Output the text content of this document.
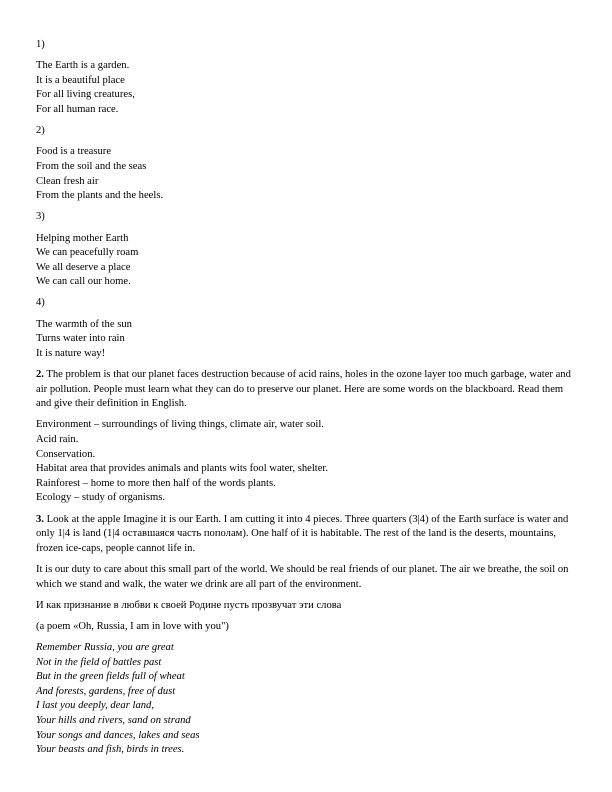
1)
The Earth is a garden.
It is a beautiful place
For all living creatures,
For all human race.
2)
Food is a treasure
From the soil and the seas
Clean fresh air
From the plants and the heels.
3)
Helping mother Earth
We can peacefully roam
We all deserve a place
We can call our home.
4)
The warmth of the sun
Turns water into rain
It is nature way!
2. The problem is that our planet faces destruction because of acid rains, holes in the ozone layer too much garbage, water and air pollution. People must learn what they can do to preserve our planet. Here are some words on the blackboard. Read them and give their definition in English.
Environment – surroundings of living things, climate air, water soil.
Acid rain.
Conservation.
Habitat area that provides animals and plants wits fool water, shelter.
Rainforest – home to more then half of the words plants.
Ecology – study of organisms.
3. Look at the apple Imagine it is our Earth. I am cutting it into 4 pieces. Three quarters (3|4) of the Earth surface is water and only 1|4 is land (1|4 оставшаяся часть пополам). One half of it is habitable. The rest of the land is the deserts, mountains, frozen ice-caps, people cannot life in.
It is our duty to care about this small part of the world. We should be real friends of our planet. The air we breathe, the soil on which we stand and walk, the water we drink are all part of the environment.
И как признание в любви к своей Родине пусть прозвучат эти слова
(a poem «Oh, Russia, I am in love with you")
Remember Russia, you are great
Not in the field of battles past
But in the green fields full of wheat
And forests, gardens, free of dust
I last you deeply, dear land,
Your hills and rivers, sand on strand
Your songs and dances, lakes and seas
Your beasts and fish, birds in trees.
